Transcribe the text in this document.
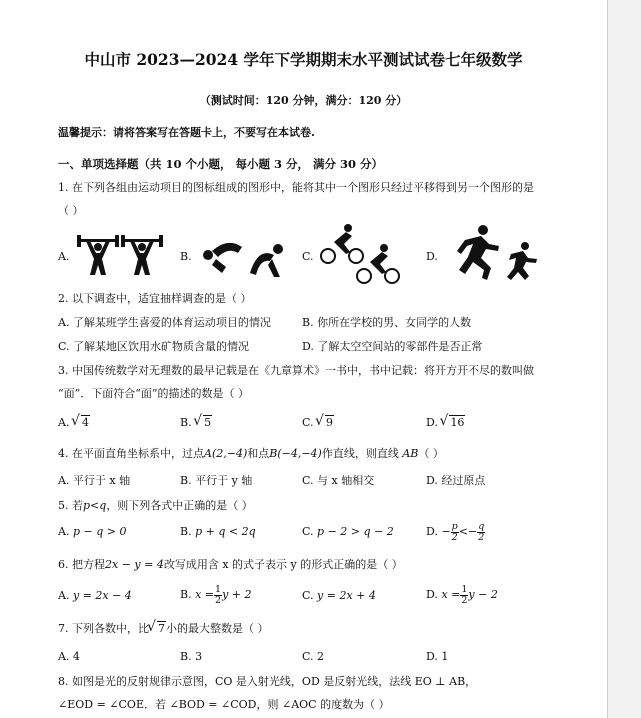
中山市 2023—2024 学年下学期期末水平测试试卷七年级数学
（测试时间：120 分钟，满分：120 分）
温馨提示：请将答案写在答题卡上，不要写在本试卷.
一、单项选择题（共 10 个小题， 每小题 3 分， 满分 30 分）
1. 在下列各组由运动项目的图标组成的图形中，能将其中一个图形只经过平移得到另一个图形的是
（ ）
A.	B.	C.	D.
2. 以下调查中，适宜抽样调查的是（ ）
A. 了解某班学生喜爱的体育运动项目的情况	B. 你所在学校的男、女同学的人数
C. 了解某地区饮用水矿物质含量的情况	D. 了解太空空间站的零部件是否正常
3. 中国传统数学对无理数的最早记载是在《九章算术》一书中，书中记载：将开方开不尽的数叫做
“面”．下面符合“面”的描述的数是（ ）
A. √ 4	B. √ 5	C. √ 9	D. √ 16
4. 在平面直角坐标系中，过点A(2,−4)和点B(−4,−4)作直线，则直线 AB（ ）
A. 平行于 x 轴	B. 平行于 y 轴	C. 与 x 轴相交	D. 经过原点
5. 若p<q，则下列各式中正确的是（ ）
A. p − q > 0	B. p + q < 2q	C. p − 2 > q − 2	D. − $\frac{p}{2} <- \frac{q}{2}$
6. 把方程2x − y = 4改写成用含 x 的式子表示 y 的形式正确的是（ ）
A. y = 2x − 4	B. $x = \frac{1}{2}$ y + 2	C. y = 2x + 4	D. $x = \frac{1}{2}$ y − 2
7. 下列各数中，比 √ 7小的最大整数是（ ）
A. 4	B. 3	C. 2	D. 1
8. 如图是光的反射规律示意图，CO 是入射光线，OD 是反射光线，法线 EO ⊥ AB，
∠EOD = ∠COE．若 ∠BOD = ∠COD，则 ∠AOC 的度数为（ ）
